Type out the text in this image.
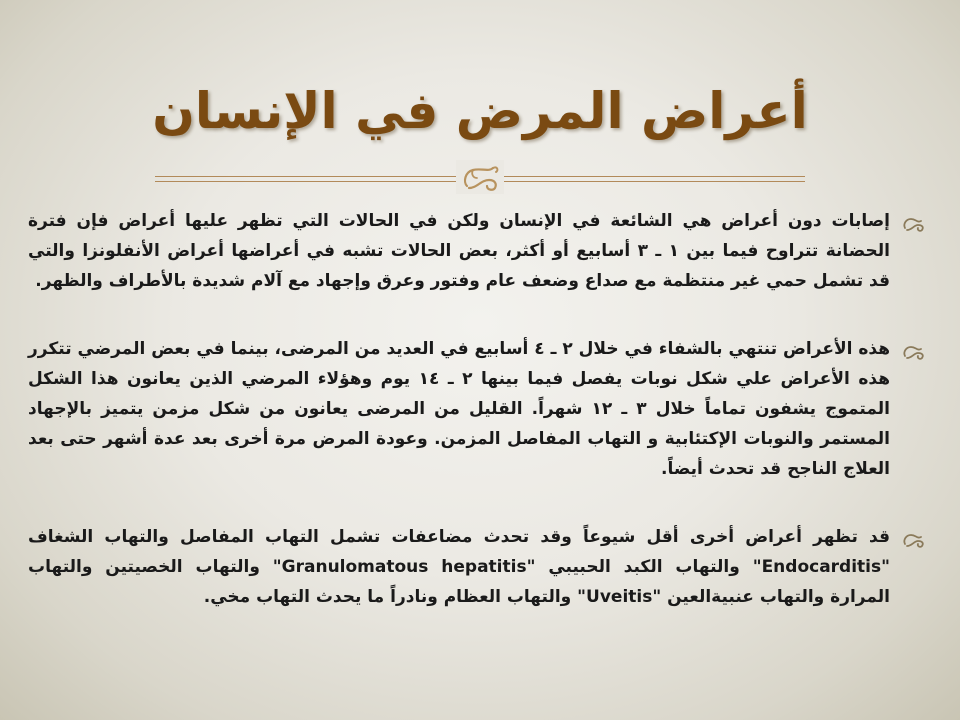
أعراض المرض في الإنسان

إصابات دون أعراض هي الشائعة في الإنسان ولكن في الحالات التي تظهر عليها أعراض فإن فترة الحضانة تتراوح فيما بين ١ ـ ٣ أسابيع أو أكثر، بعض الحالات تشبه في أعراضها أعراض الأنفلونزا والتي قد تشمل حمي غير منتظمة مع صداع وضعف عام وفتور وعرق وإجهاد مع آلام شديدة بالأطراف والظهر.

هذه الأعراض تنتهي بالشفاء في خلال ٢ ـ ٤ أسابيع في العديد من المرضى، بينما في بعض المرضي تتكرر هذه الأعراض علي شكل نوبات يفصل فيما بينها ٢ ـ ١٤ يوم وهؤلاء المرضي الذين يعانون هذا الشكل المتموج يشفون تماماً خلال ٣ ـ ١٢ شهراً. القليل من المرضى يعانون من شكل مزمن يتميز بالإجهاد المستمر والنوبات الإكتئابية و التهاب المفاصل المزمن. وعودة المرض مرة أخرى بعد عدة أشهر حتى بعد العلاج الناجح قد تحدث أيضاً.

قد تظهر أعراض أخرى أقل شيوعاً وقد تحدث مضاعفات تشمل التهاب المفاصل والتهاب الشغاف "Endocarditis" والتهاب الكبد الحبيبي "Granulomatous hepatitis" والتهاب الخصيتين والتهاب المرارة والتهاب عنبيةالعين "Uveitis" والتهاب العظام ونادراً ما يحدث التهاب مخي.
